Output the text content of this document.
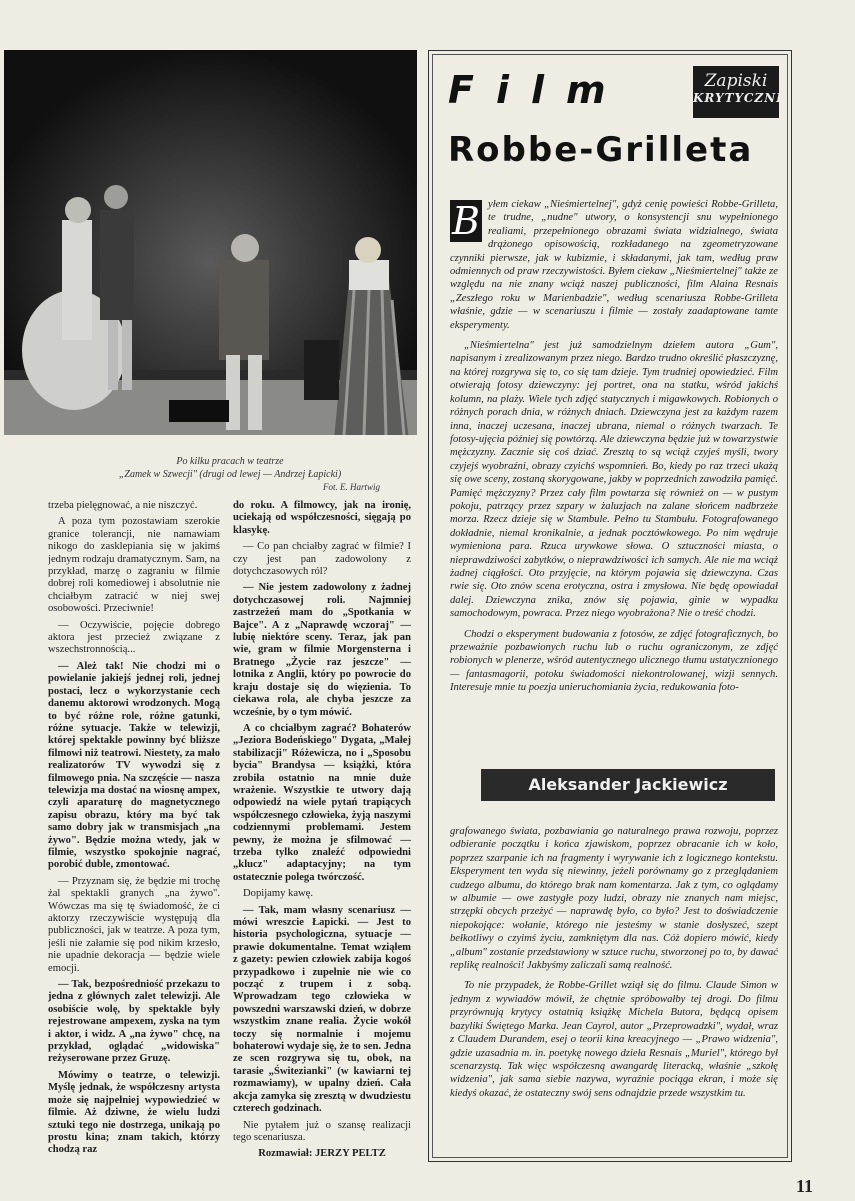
Po kilku pracach w teatrze
„Zamek w Szwecji" (drugi od lewej — Andrzej Łapicki)
Fot. E. Hartwig

trzeba pielęgnować, a nie niszczyć.

A poza tym pozostawiam szerokie granice tolerancji, nie namawiam nikogo do zasklepiania się w jakimś jednym rodzaju dramatycznym. Sam, na przykład, marzę o zagraniu w filmie dobrej roli komediowej i absolutnie nie chciałbym zatracić w niej swej osobowości. Przeciwnie!

— Oczywiście, pojęcie dobrego aktora jest przecież związane z wszechstronnością...

— Ależ tak! Nie chodzi mi o powielanie jakiejś jednej roli, jednej postaci, lecz o wykorzystanie cech danemu aktorowi wrodzonych. Mogą to być różne role, różne gatunki, różne sytuacje. Także w telewizji, której spektakle powinny być bliższe filmowi niż teatrowi. Niestety, za mało realizatorów TV wywodzi się z filmowego pnia. Na szczęście — nasza telewizja ma dostać na wiosnę ampex, czyli aparaturę do magnetycznego zapisu obrazu, który ma być tak samo dobry jak w transmisjach „na żywo". Będzie można wtedy, jak w filmie, wszystko spokojnie nagrać, porobić duble, zmontować.

— Przyznam się, że będzie mi trochę żal spektakli granych „na żywo". Wówczas ma się tę świadomość, że ci aktorzy rzeczywiście występują dla publiczności, jak w teatrze. A poza tym, jeśli nie załamie się pod nikim krzesło, nie upadnie dekoracja — będzie wiele emocji.

— Tak, bezpośredniość przekazu to jedna z głównych zalet telewizji. Ale osobiście wolę, by spektakle były rejestrowane ampexem, zyska na tym i aktor, i widz. A „na żywo" chcę, na przykład, oglądać „widowiska" reżyserowane przez Gruzę.

Mówimy o teatrze, o telewizji. Myślę jednak, że współczesny artysta może się najpełniej wypowiedzieć w filmie. Aż dziwne, że wielu ludzi sztuki tego nie dostrzega, unikają po prostu kina; znam takich, którzy chodzą raz

do roku. A filmowcy, jak na ironię, uciekają od współczesności, sięgają po klasykę.

— Co pan chciałby zagrać w filmie? I czy jest pan zadowolony z dotychczasowych ról?

— Nie jestem zadowolony z żadnej dotychczasowej roli. Najmniej zastrzeżeń mam do „Spotkania w Bajce". A z „Naprawdę wczoraj" — lubię niektóre sceny. Teraz, jak pan wie, gram w filmie Morgensterna i Bratnego „Życie raz jeszcze" — lotnika z Anglii, który po powrocie do kraju dostaje się do więzienia. To ciekawa rola, ale chyba jeszcze za wcześnie, by o tym mówić.

A co chciałbym zagrać? Bohaterów „Jeziora Bodeńskiego" Dygata, „Małej stabilizacji" Różewicza, no i „Sposobu bycia" Brandysa — książki, która zrobiła ostatnio na mnie duże wrażenie. Wszystkie te utwory dają odpowiedź na wiele pytań trapiących współczesnego człowieka, żyją naszymi codziennymi problemami. Jestem pewny, że można je sfilmować — trzeba tylko znaleźć odpowiedni „klucz" adaptacyjny; na tym ostatecznie polega twórczość.

Dopijamy kawę.

— Tak, mam własny scenariusz — mówi wreszcie Łapicki. — Jest to historia psychologiczna, sytuacje — prawie dokumentalne. Temat wziąłem z gazety: pewien człowiek zabija kogoś przypadkowo i zupełnie nie wie co począć z trupem i z sobą. Wprowadzam tego człowieka w powszedni warszawski dzień, w dobrze wszystkim znane realia. Życie wokół toczy się normalnie i mojemu bohaterowi wydaje się, że to sen. Jedna ze scen rozgrywa się tu, obok, na tarasie „Świtezianki" (w kawiarni tej rozmawiamy), w upalny dzień. Cała akcja zamyka się zresztą w dwudziestu czterech godzinach.

Nie pytałem już o szansę realizacji tego scenariusza.

Rozmawiał: JERZY PELTZ

Film
Robbe-Grilleta
Zapiski
KRYTYCZNE

B yłem ciekaw „Nieśmiertelnej", gdyż cenię powieści Robbe-Grilleta, te trudne, „nudne" utwory, o konsystencji snu wypełnionego realiami, przepełnionego obrazami świata widzialnego, świata drążonego opisowością, rozkładanego na zgeometryzowane czynniki pierwsze, jak w kubizmie, i składanymi, jak tam, według praw odmiennych od praw rzeczywistości. Byłem ciekaw „Nieśmiertelnej" także ze względu na nie znany wciąż naszej publiczności, film Alaina Resnais „Zeszłego roku w Marienbadzie", według scenariusza Robbe-Grilleta właśnie, gdzie — w scenariuszu i filmie — zostały zaadaptowane tamte eksperymenty.

„Nieśmiertelna" jest już samodzielnym dziełem autora „Gum", napisanym i zrealizowanym przez niego. Bardzo trudno określić płaszczyznę, na której rozgrywa się to, co się tam dzieje. Tym trudniej opowiedzieć. Film otwierają fotosy dziewczyny: jej portret, ona na statku, wśród jakichś kolumn, na plaży. Wiele tych zdjęć statycznych i migawkowych. Robionych o różnych porach dnia, w różnych dniach. Dziewczyna jest za każdym razem inna, inaczej uczesana, inaczej ubrana, niemal o różnych twarzach. Te fotosy-ujęcia później się powtórzą. Ale dziewczyna będzie już w towarzystwie mężczyzny. Zacznie się coś dziać. Zresztą to są wciąż czyjeś myśli, twory czyjejś wyobraźni, obrazy czyichś wspomnień. Bo, kiedy po raz trzeci ukażą się owe sceny, zostaną skorygowane, jakby w poprzednich zawodziła pamięć. Pamięć mężczyzny? Przez cały film powtarza się również on — w pustym pokoju, patrzący przez szpary w żaluzjach na zalane słońcem nadbrzeże morza. Rzecz dzieje się w Stambule. Pełno tu Stambułu. Fotografowanego dokładnie, niemal kronikalnie, a jednak pocztówkowego. Po nim wędruje wymieniona para. Rzuca urywkowe słowa. O sztuczności miasta, o nieprawdziwości zabytków, o nieprawdziwości ich samych. Ale nie ma wciąż żadnej ciągłości. Oto przyjęcie, na którym pojawia się dziewczyna. Czas rwie się. Oto znów scena erotyczna, ostra i zmysłowa. Nie będę opowiadał dalej. Dziewczyna znika, znów się pojawia, ginie w wypadku samochodowym, powraca. Przez niego wyobrażona? Nie o treść chodzi.

Chodzi o eksperyment budowania z fotosów, ze zdjęć fotograficznych, bo przeważnie pozbawionych ruchu lub o ruchu ograniczonym, ze zdjęć robionych w plenerze, wśród autentycznego ulicznego tłumu ustatycznionego — fantasmagorii, potoku świadomości niekontrolowanej, wizji sennych. Interesuje mnie tu poezja unieruchomiania życia, redukowania foto-

Aleksander Jackiewicz

grafowanego świata, pozbawiania go naturalnego prawa rozwoju, poprzez odbieranie początku i końca zjawiskom, poprzez obracanie ich w koło, poprzez szarpanie ich na fragmenty i wyrywanie ich z logicznego kontekstu. Eksperyment ten wyda się niewinny, jeżeli porównamy go z przeglądaniem cudzego albumu, do którego brak nam komentarza. Jak z tym, co oglądamy w albumie — owe zastygłe pozy ludzi, obrazy nie znanych nam miejsc, strzępki obcych przeżyć — naprawdę było, co było? Jest to doświadczenie niepokojące: wołanie, którego nie jesteśmy w stanie dosłyszeć, szept bełkotliwy o czyimś życiu, zamkniętym dla nas. Cóż dopiero mówić, kiedy „album" zostanie przedstawiony w sztuce ruchu, stworzonej po to, by dawać replikę realności! Jakbyśmy zaliczali samą realność.

To nie przypadek, że Robbe-Grillet wziął się do filmu. Claude Simon w jednym z wywiadów mówił, że chętnie spróbowałby tej drogi. Do filmu przyrównują krytycy ostatnią książkę Michela Butora, będącą opisem bazyliki Świętego Marka. Jean Cayrol, autor „Przeprowadzki", wydał, wraz z Claudem Durandem, esej o teorii kina kreacyjnego — „Prawo widzenia", gdzie uzasadnia m. in. poetykę nowego dzieła Resnais „Muriel", którego był scenarzystą. Tak więc współczesną awangardę literacką, właśnie „szkołę widzenia", jak sama siebie nazywa, wyraźnie pociąga ekran, i może się kiedyś okazać, że ostateczny swój sens odnajdzie przede wszystkim tu.

11
